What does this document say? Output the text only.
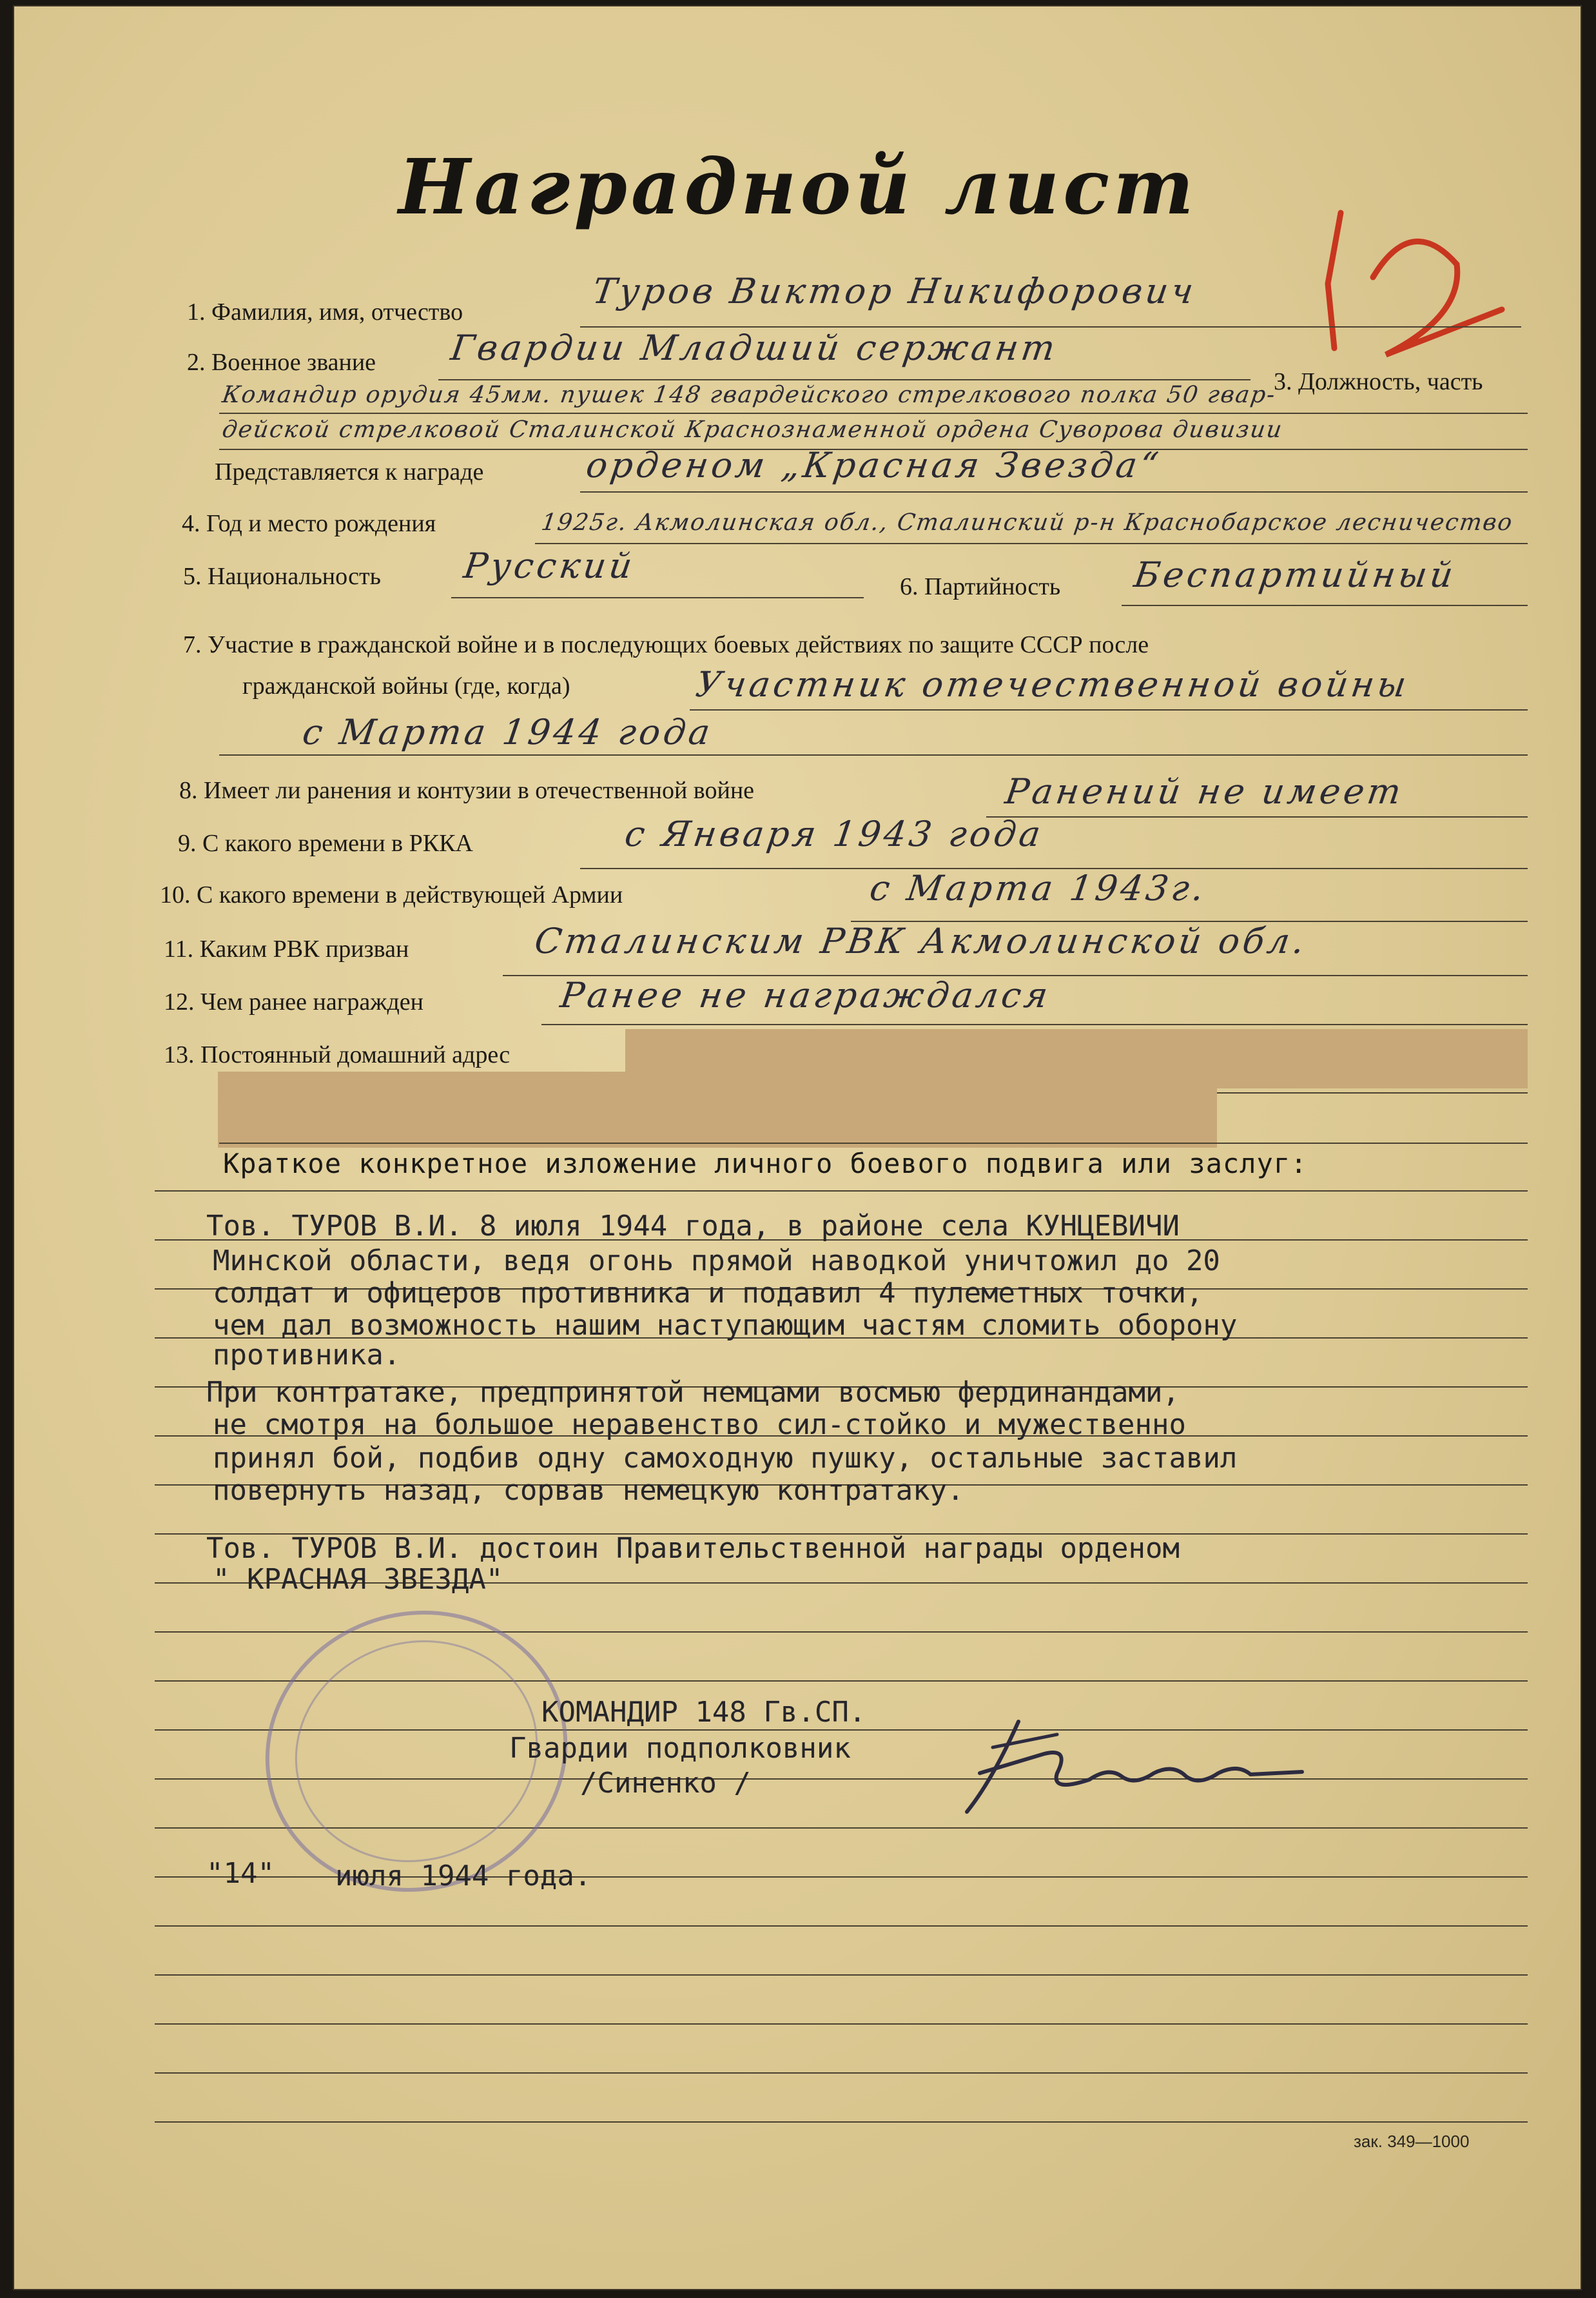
Наградной лист
1. Фамилия, имя, отчество
Туров Виктор Никифорович
2. Военное звание Гвардии Младший сержант
3. Должность, часть
Командир орудия 45мм. пушек 148 гвардейского стрелкового полка 50 гвар-
дейской стрелковой Сталинской Краснознаменной ордена Суворова дивизии
Представляется к награде	орденом „Красная Звезда“
4. Год и место рождения	1925г. Акмолинская обл., Сталинский р-н Краснобарское лесничество
5. Национальность Русский
6. Партийность Беспартийный
7. Участие в гражданской войне и в последующих боевых действиях по защите СССР после
гражданской войны (где, когда)	Участник отечественной войны
с Марта 1944 года
8. Имеет ли ранения и контузии в отечественной войне	Ранений не имеет
9. С какого времени в РККА	с Января 1943 года
10. С какого времени в действующей Армии	с Марта 1943г.
11. Каким РВК призван	Сталинским РВК Акмолинской обл.
12. Чем ранее награжден	Ранее не награждался
13. Постоянный домашний адрес
Краткое конкретное изложение личного боевого подвига или заслуг:
Тов. ТУРОВ В.И. 8 июля 1944 года, в районе села КУНЦЕВИЧИ
Минской области, ведя огонь прямой наводкой уничтожил до 20
солдат и офицеров противника и подавил 4 пулеметных точки,
чем дал возможность нашим наступающим частям сломить оборону
противника.
При контратаке, предпринятой немцами восмью фердинандами,
не смотря на большое неравенство сил-стойко и мужественно
принял бой, подбив одну самоходную пушку, остальные заставил
повернуть назад, сорвав немецкую контратаку.
Тов. ТУРОВ В.И. достоин Правительственной награды орденом
" КРАСНАЯ ЗВЕЗДА"
КОМАНДИР 148 Гв.СП.
Гвардии подполковник
/Синенко /
"14" июля 1944 года.
зак. 349—1000
